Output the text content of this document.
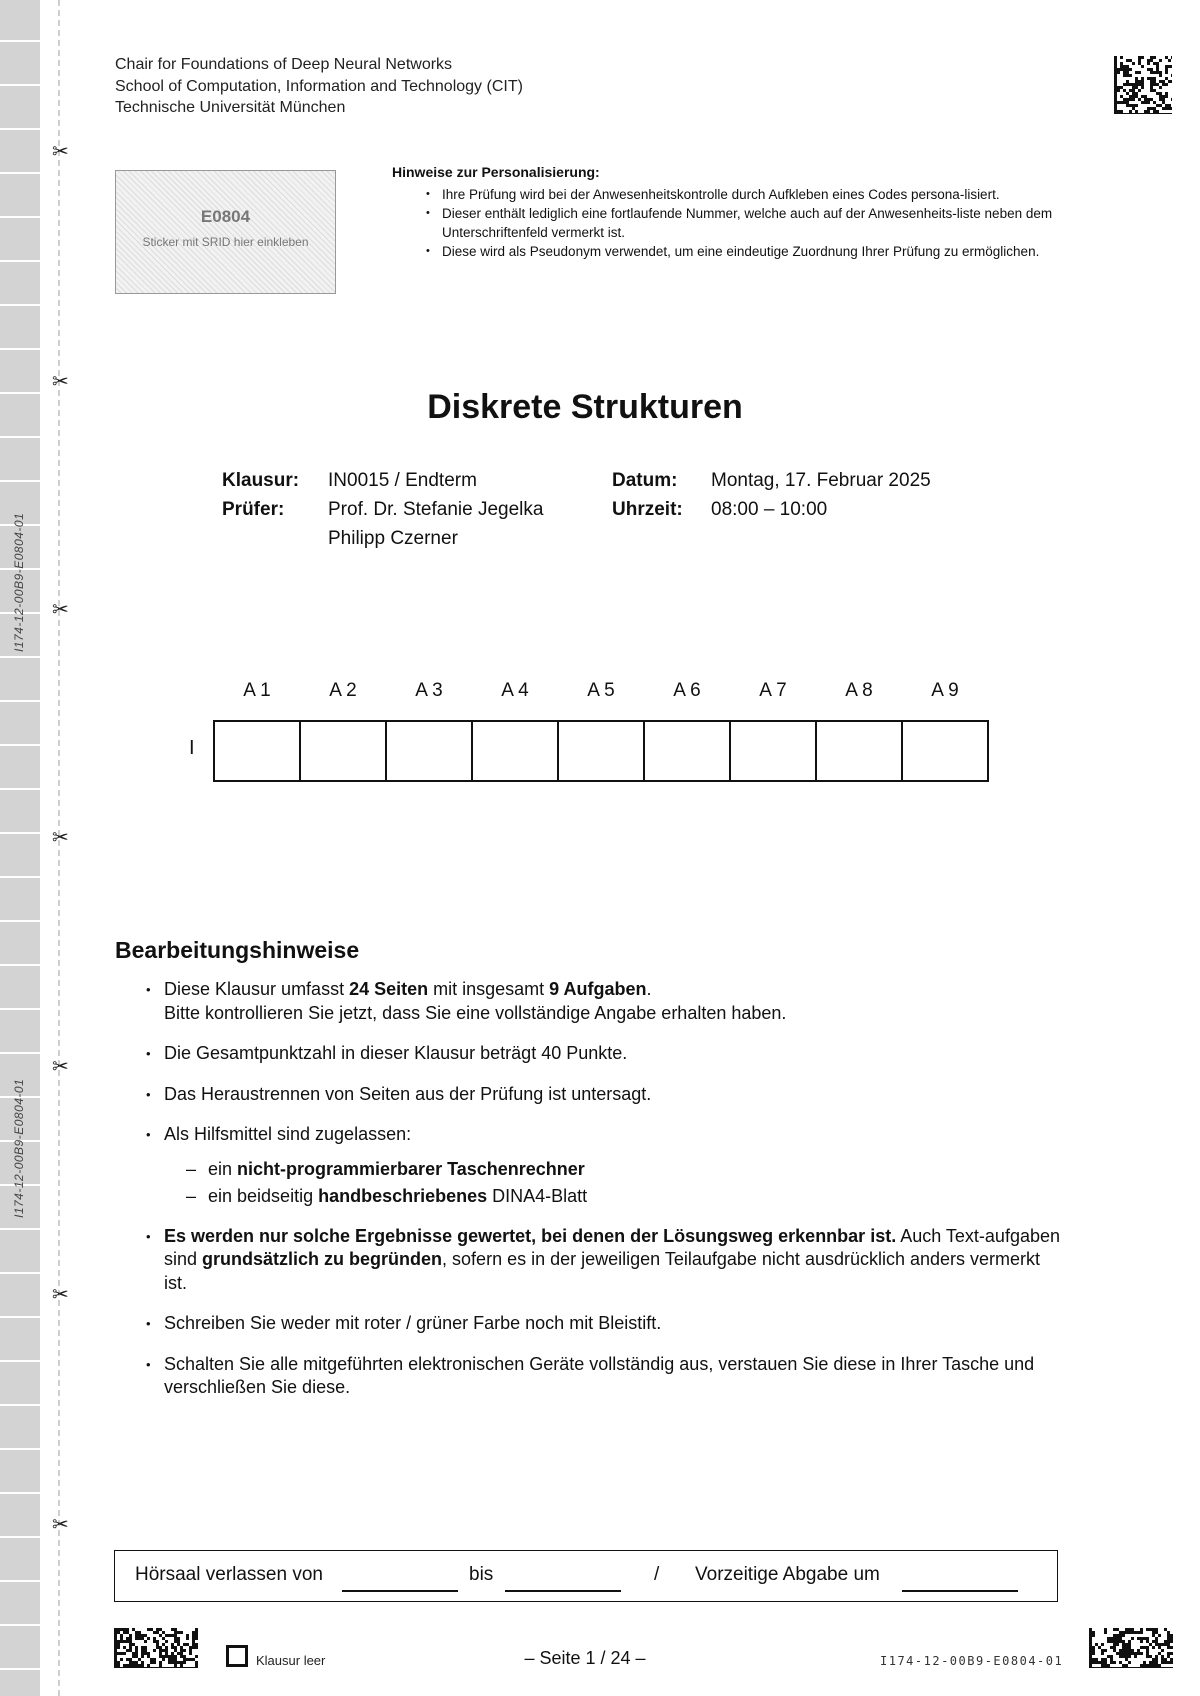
✂
✂
✂
✂
✂
✂
✂
I174-12-00B9-E0804-01
I174-12-00B9-E0804-01
Chair for Foundations of Deep Neural Networks
School of Computation, Information and Technology (CIT)
Technische Universität München
E0804
Sticker mit SRID hier einkleben
Hinweise zur Personalisierung:
• Ihre Prüfung wird bei der Anwesenheitskontrolle durch Aufkleben eines Codes persona-lisiert.
• Dieser enthält lediglich eine fortlaufende Nummer, welche auch auf der Anwesenheits-liste neben dem Unterschriftenfeld vermerkt ist.
• Diese wird als Pseudonym verwendet, um eine eindeutige Zuordnung Ihrer Prüfung zu ermöglichen.
Diskrete Strukturen
Klausur: IN0015 / Endterm
Prüfer: Prof. Dr. Stefanie Jegelka
Philipp Czerner
Datum: Montag, 17. Februar 2025
Uhrzeit: 08:00 – 10:00
A 1	A 2	A 3	A 4	A 5	A 6	A 7	A 8	A 9
I
Bearbeitungshinweise
• Diese Klausur umfasst 24 Seiten mit insgesamt 9 Aufgaben.
Bitte kontrollieren Sie jetzt, dass Sie eine vollständige Angabe erhalten haben.
• Die Gesamtpunktzahl in dieser Klausur beträgt 40 Punkte.
• Das Heraustrennen von Seiten aus der Prüfung ist untersagt.
• Als Hilfsmittel sind zugelassen:
– ein nicht-programmierbarer Taschenrechner
– ein beidseitig handbeschriebenes DINA4-Blatt
• Es werden nur solche Ergebnisse gewertet, bei denen der Lösungsweg erkennbar ist. Auch Text-aufgaben sind grundsätzlich zu begründen, sofern es in der jeweiligen Teilaufgabe nicht ausdrücklich anders vermerkt ist.
• Schreiben Sie weder mit roter / grüner Farbe noch mit Bleistift.
• Schalten Sie alle mitgeführten elektronischen Geräte vollständig aus, verstauen Sie diese in Ihrer Tasche und verschließen Sie diese.
Hörsaal verlassen von	bis	/ Vorzeitige Abgabe um
Klausur leer	– Seite 1 / 24 –	I174-12-00B9-E0804-01
